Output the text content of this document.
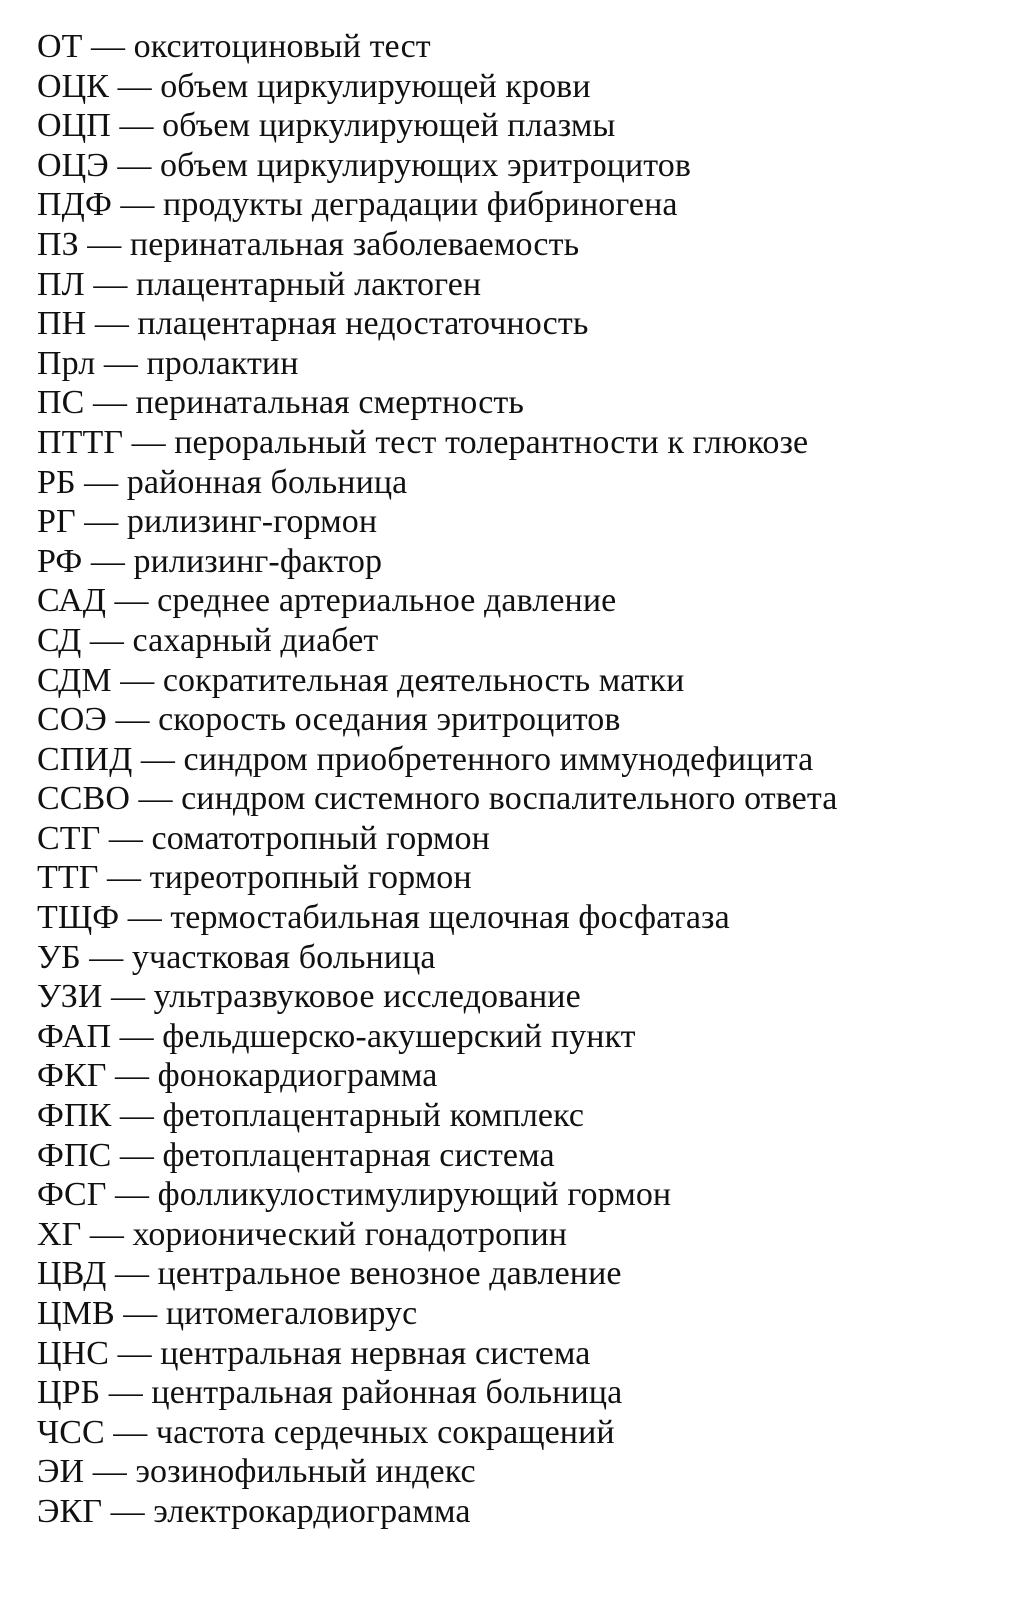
ОТ — окситоциновый тест
ОЦК — объем циркулирующей крови
ОЦП — объем циркулирующей плазмы
ОЦЭ — объем циркулирующих эритроцитов
ПДФ — продукты деградации фибриногена
ПЗ — перинатальная заболеваемость
ПЛ — плацентарный лактоген
ПН — плацентарная недостаточность
Прл — пролактин
ПС — перинатальная смертность
ПТТГ — пероральный тест толерантности к глюкозе
РБ — районная больница
РГ — рилизинг-гормон
РФ — рилизинг-фактор
САД — среднее артериальное давление
СД — сахарный диабет
СДМ — сократительная деятельность матки
СОЭ — скорость оседания эритроцитов
СПИД — синдром приобретенного иммунодефицита
ССВО — синдром системного воспалительного ответа
СТГ — соматотропный гормон
ТТГ — тиреотропный гормон
ТЩФ — термостабильная щелочная фосфатаза
УБ — участковая больница
УЗИ — ультразвуковое исследование
ФАП — фельдшерско-акушерский пункт
ФКГ — фонокардиограмма
ФПК — фетоплацентарный комплекс
ФПС — фетоплацентарная система
ФСГ — фолликулостимулирующий гормон
ХГ — хорионический гонадотропин
ЦВД — центральное венозное давление
ЦМВ — цитомегаловирус
ЦНС — центральная нервная система
ЦРБ — центральная районная больница
ЧСС — частота сердечных сокращений
ЭИ — эозинофильный индекс
ЭКГ — электрокардиограмма
